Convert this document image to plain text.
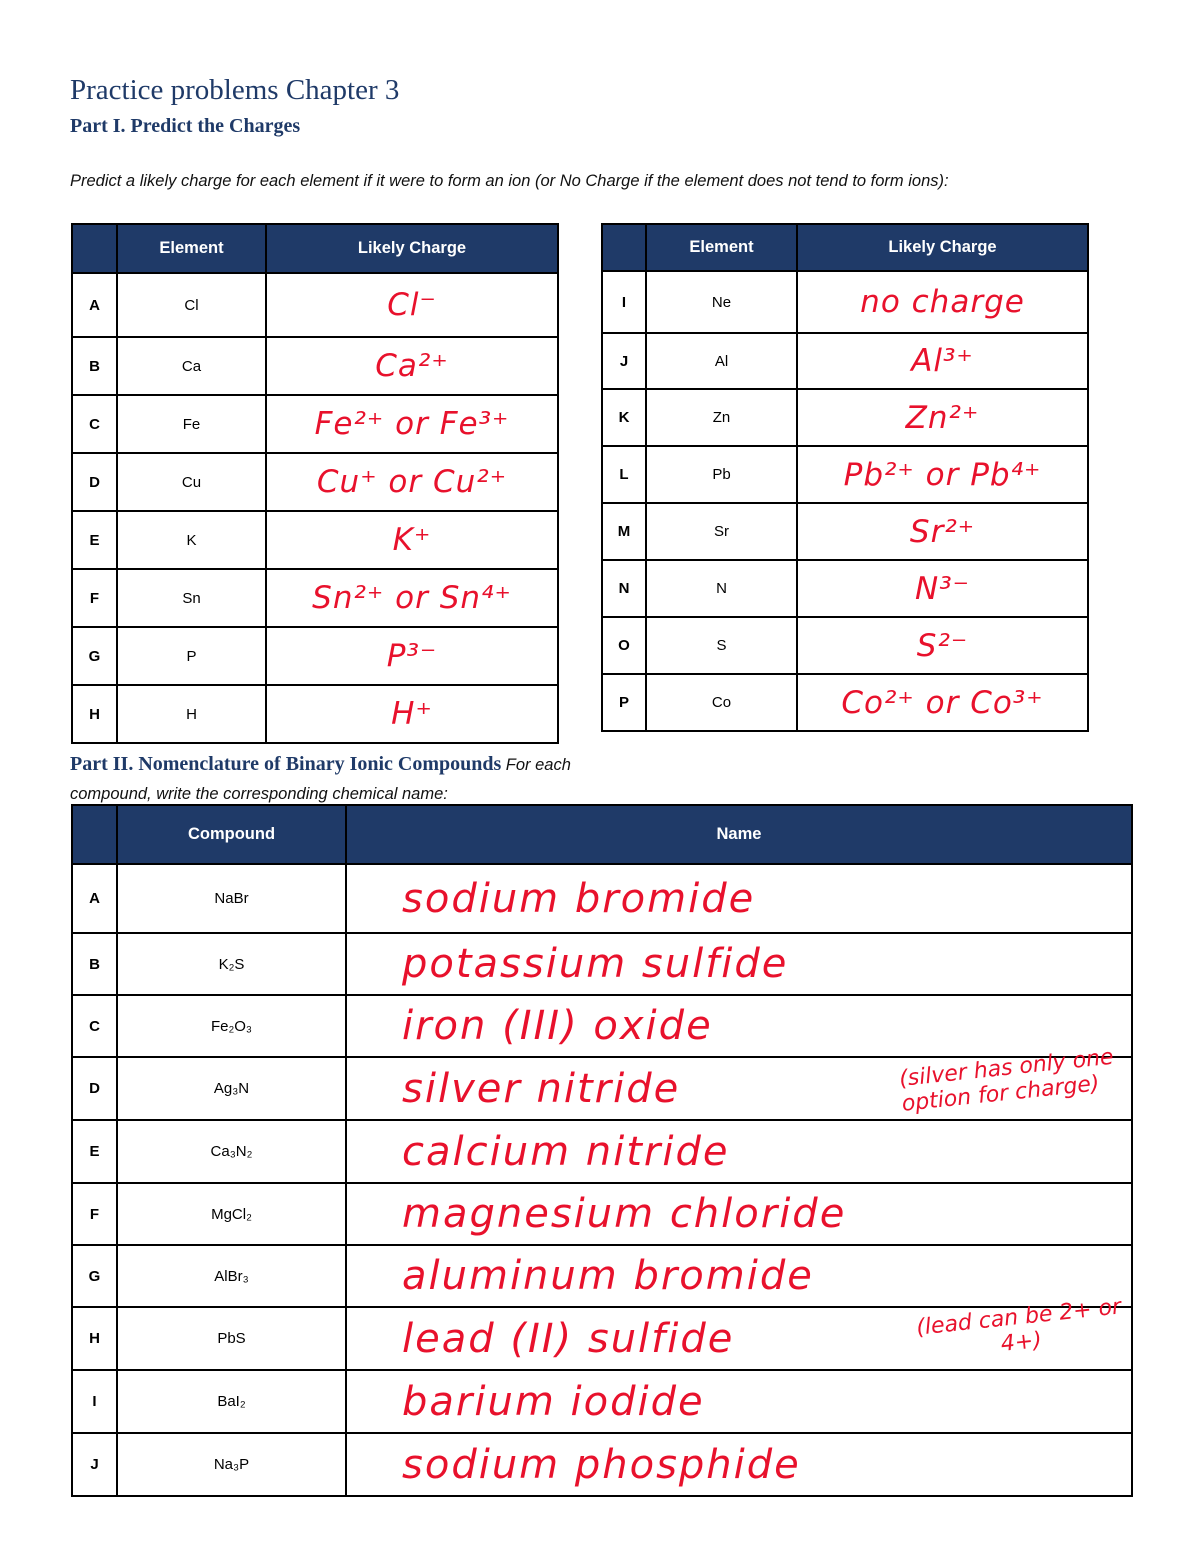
Practice problems Chapter 3
Part I. Predict the Charges

Predict a likely charge for each element if it were to form an ion (or No Charge if the element does not tend to form ions):

	Element	Likely Charge
A	Cl	Cl⁻
B	Ca	Ca²⁺
C	Fe	Fe²⁺ or Fe³⁺
D	Cu	Cu⁺ or Cu²⁺
E	K	K⁺
F	Sn	Sn²⁺ or Sn⁴⁺
G	P	P³⁻
H	H	H⁺
	Element	Likely Charge
I	Ne	no charge
J	Al	Al³⁺
K	Zn	Zn²⁺
L	Pb	Pb²⁺ or Pb⁴⁺
M	Sr	Sr²⁺
N	N	N³⁻
O	S	S²⁻
P	Co	Co²⁺ or Co³⁺
Part II. Nomenclature of Binary Ionic Compounds For each compound, write the corresponding chemical name:
	Compound	Name
A	NaBr	sodium bromide
B	K₂S	potassium sulfide
C	Fe₂O₃	iron (III) oxide
D	Ag₃N	silver nitride
E	Ca₃N₂	calcium nitride
F	MgCl₂	magnesium chloride
G	AlBr₃	aluminum bromide
H	PbS	lead (II) sulfide
I	BaI₂	barium iodide
J	Na₃P	sodium phosphide
(silver has only one option for charge)
(lead can be 2+ or 4+)
